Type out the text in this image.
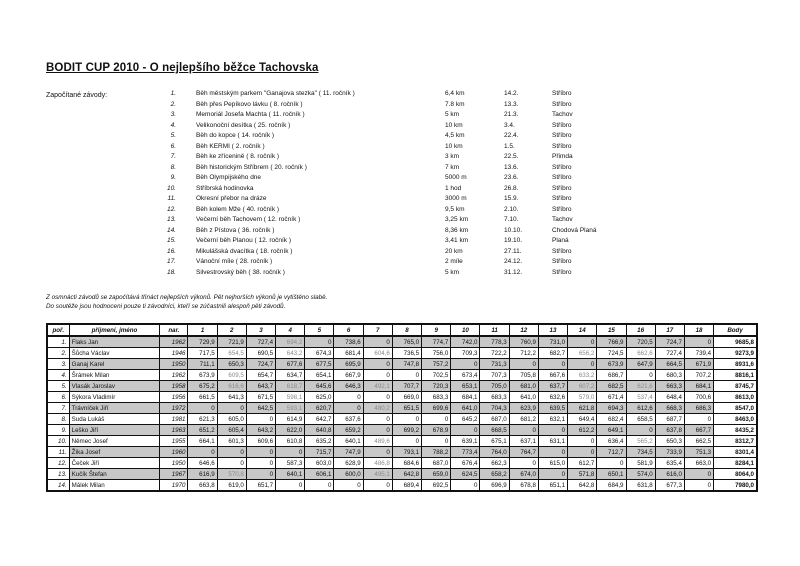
BODIT CUP 2010 - O nejlepšího běžce Tachovska
Započítané závody:	1.	Běh městským parkem "Ganajova stezka" ( 11. ročník )	6,4 km	14.2.	Stříbro
2.	Běh přes Pepíkovo lávku ( 8. ročník )	7.8 km	13.3.	Stříbro
3.	Memoriál Josefa Machta ( 11. ročník )	5 km	21.3.	Tachov
4.	Velikonoční desítka ( 25. ročník )	10 km	3.4.	Stříbro
5.	Běh do kopce ( 14. ročník )	4,5 km	22.4.	Stříbro
6.	Běh KERMI ( 2. ročník )	10 km	1.5.	Stříbro
7.	Běh ke zřícenině ( 8. ročník )	3 km	22.5.	Přimda
8.	Běh historickým Stříbrem ( 20. ročník )	7 km	13.6.	Stříbro
9.	Běh Olympijského dne	5000 m	23.6.	Stříbro
10.	Stříbrská hodinovka	1 hod	26.8.	Stříbro
11.	Okresní přebor na dráze	3000 m	15.9.	Stříbro
12.	Běh kolem Mže ( 40. ročník )	9,5 km	2.10.	Stříbro
13.	Večerní běh Tachovem ( 12. ročník )	3,25 km	7.10.	Tachov
14.	Běh z Pístova ( 36. ročník )	8,36 km	10.10.	Chodová Planá
15.	Večerní běh Planou ( 12. ročník )	3,41 km	19.10.	Planá
16.	Mikulášská dvacítka ( 18. ročník )	20 km	27.11.	Stříbro
17.	Vánoční míle ( 28. ročník )	2 míle	24.12.	Stříbro
18.	Silvestrovský běh ( 38. ročník )	5 km	31.12.	Stříbro
Z osmnácti závodů se započítává třináct nejlepších výkonů. Pět nejhorších výkonů je vytištěno slabě.
Do soutěže jsou hodnoceni pouze ti závodníci, kteří se zúčastnili alespoň pěti závodů.
poř.	příjmení, jméno	nar.	1	2	3	4	5	6	7	8	9	10	11	12	13	14	15	16	17	18	Body
1.	Flaks Jan	1962	729,9	721,9	727,4	694,2	0	738,6	0	765,0	774,7	742,0	778,3	760,9	731,0	0	766,9	720,5	724,7	0	9685,8
2.	Šůcha Václav	1946	717,5	654,5	690,5	643,2	674,3	681,4	604,6	736,5	756,0	709,3	722,2	712,2	682,7	656,2	724,5	662,6	727,4	739,4	9273,9
3.	Ganaj Karel	1950	711,1	650,3	724,7	677,6	677,5	695,9	0	747,8	757,2	0	731,3	0	0	0	673,9	647,9	664,5	671,9	8931,6
4.	Šrámek Milan	1962	673,9	609,5	654,7	634,7	654,1	667,9	0	0	702,5	673,4	707,3	705,8	667,6	633,2	686,7	0	680,3	707,2	8816,1
5.	Vlasák Jaroslav	1958	675,2	616,6	643,7	618,7	645,6	646,3	492,1	707,7	720,3	653,1	705,0	681,0	637,7	607,2	682,5	621,6	663,3	684,1	8745,7
6.	Sýkora Vladimír	1956	661,5	641,3	671,5	598,1	625,0	0	0	669,0	683,3	684,1	683,3	641,0	632,6	579,0	671,4	537,4	648,4	700,6	8613,0
7.	Trávníček Jiří	1972	0	0	642,5	593,1	620,7	0	480,2	651,5	699,6	641,0	704,3	623,9	639,5	621,8	694,3	612,6	668,3	686,3	8547,0
8.	Suda Lukáš	1981	621,3	605,0	0	614,9	642,7	637,6	0	0	0	645,2	687,0	681,2	632,1	649,4	682,4	658,5	687,7	0	8463,0
9.	Leško Jiří	1963	651,2	605,4	643,2	622,0	640,8	659,2	0	699,2	678,9	0	668,5	0	0	612,2	649,1	0	637,8	667,7	8435,2
10.	Němec Josef	1955	664,1	601,3	609,6	610,8	635,2	640,1	489,6	0	0	639,1	675,1	637,1	631,1	0	636,4	565,2	650,3	662,5	8312,7
11.	Žíka Josef	1960	0	0	0	0	715,7	747,9	0	793,1	788,2	773,4	764,0	764,7	0	0	712,7	734,5	733,9	751,3	8301,4
12.	Čeček Jiří	1950	646,6	0	0	587,3	603,0	628,9	486,8	684,6	687,0	676,4	662,3	0	615,0	612,7	0	581,9	635,4	663,0	8284,1
13.	Kučík Štefan	1967	616,9	570,8	0	640,1	606,1	600,0	495,1	642,8	659,0	624,5	658,2	674,0	0	571,8	650,1	574,0	616,0	0	8064,0
14.	Málek Milan	1970	663,8	619,0	651,7	0	0	0	0	689,4	692,5	0	696,9	678,8	651,1	642,8	684,9	631,8	677,3	0	7980,0
